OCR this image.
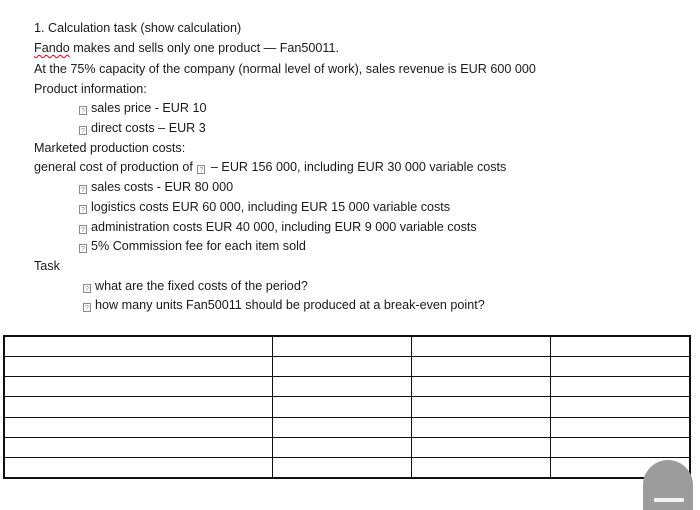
1. Calculation task (show calculation)
Fando makes and sells only one product — Fan50011.
At the 75% capacity of the company (normal level of work), sales revenue is EUR 600 000
Product information:
? sales price - EUR 10
? direct costs – EUR 3
Marketed production costs:
general cost of production of ? – EUR 156 000, including EUR 30 000 variable costs
? sales costs - EUR 80 000
? logistics costs EUR 60 000, including EUR 15 000 variable costs
? administration costs EUR 40 000, including EUR 9 000 variable costs
? 5% Commission fee for each item sold
Task
? what are the fixed costs of the period?
? how many units Fan50011 should be produced at a break-even point?
